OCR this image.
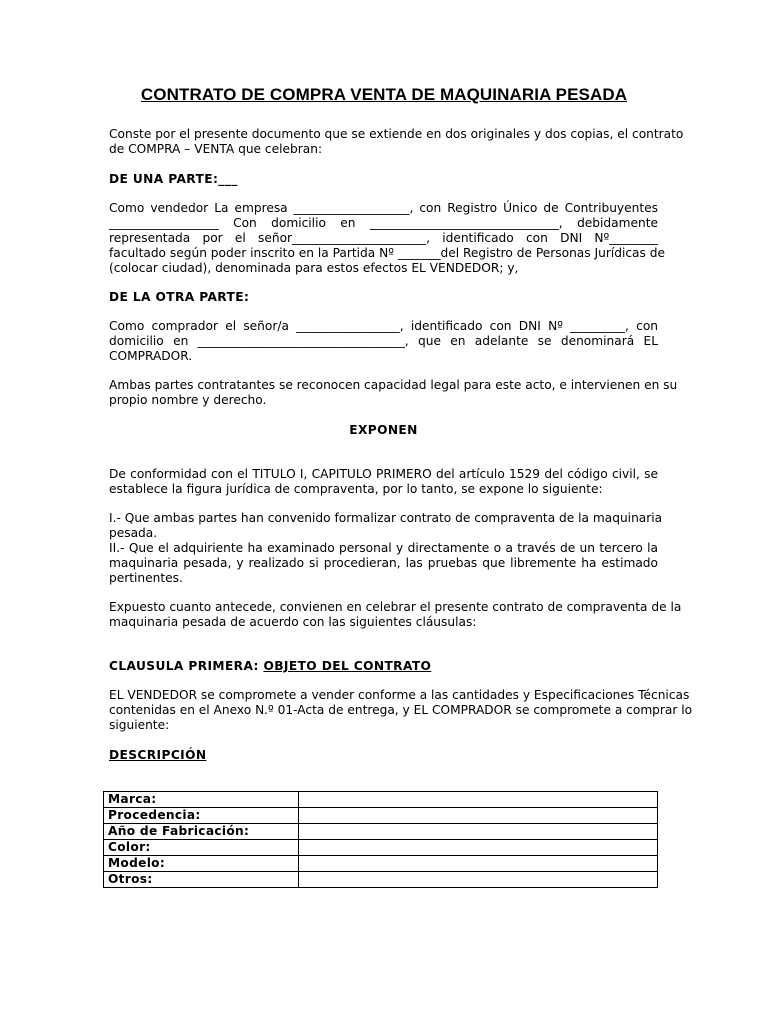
CONTRATO DE COMPRA VENTA DE MAQUINARIA PESADA
Conste por el presente documento que se extiende en dos originales y dos copias, el contrato
de COMPRA – VENTA que celebran:
DE UNA PARTE:___
Como vendedor La empresa ___________________, con Registro Único de Contribuyentes
__________________ Con domicilio en _______________________________, debidamente
representada por el señor______________________, identificado con DNI Nº________
facultado según poder inscrito en la Partida Nº _______del Registro de Personas Jurídicas de
(colocar ciudad), denominada para estos efectos EL VENDEDOR; y,
DE LA OTRA PARTE:
Como comprador el señor/a _________________, identificado con DNI Nº _________, con
domicilio en __________________________________, que en adelante se denominará EL
COMPRADOR.
Ambas partes contratantes se reconocen capacidad legal para este acto, e intervienen en su
propio nombre y derecho.
EXPONEN
De conformidad con el TITULO I, CAPITULO PRIMERO del artículo 1529 del código civil, se
establece la figura jurídica de compraventa, por lo tanto, se expone lo siguiente:
I.- Que ambas partes han convenido formalizar contrato de compraventa de la maquinaria
pesada.
II.- Que el adquiriente ha examinado personal y directamente o a través de un tercero la
maquinaria pesada, y realizado si procedieran, las pruebas que libremente ha estimado
pertinentes.
Expuesto cuanto antecede, convienen en celebrar el presente contrato de compraventa de la
maquinaria pesada de acuerdo con las siguientes cláusulas:
CLAUSULA PRIMERA: OBJETO DEL CONTRATO
EL VENDEDOR se compromete a vender conforme a las cantidades y Especificaciones Técnicas
contenidas en el Anexo N.º 01-Acta de entrega, y EL COMPRADOR se compromete a comprar lo
siguiente:
DESCRIPCIÓN
Marca:	
Procedencia:	
Año de Fabricación:	
Color:	
Modelo:	
Otros:	
